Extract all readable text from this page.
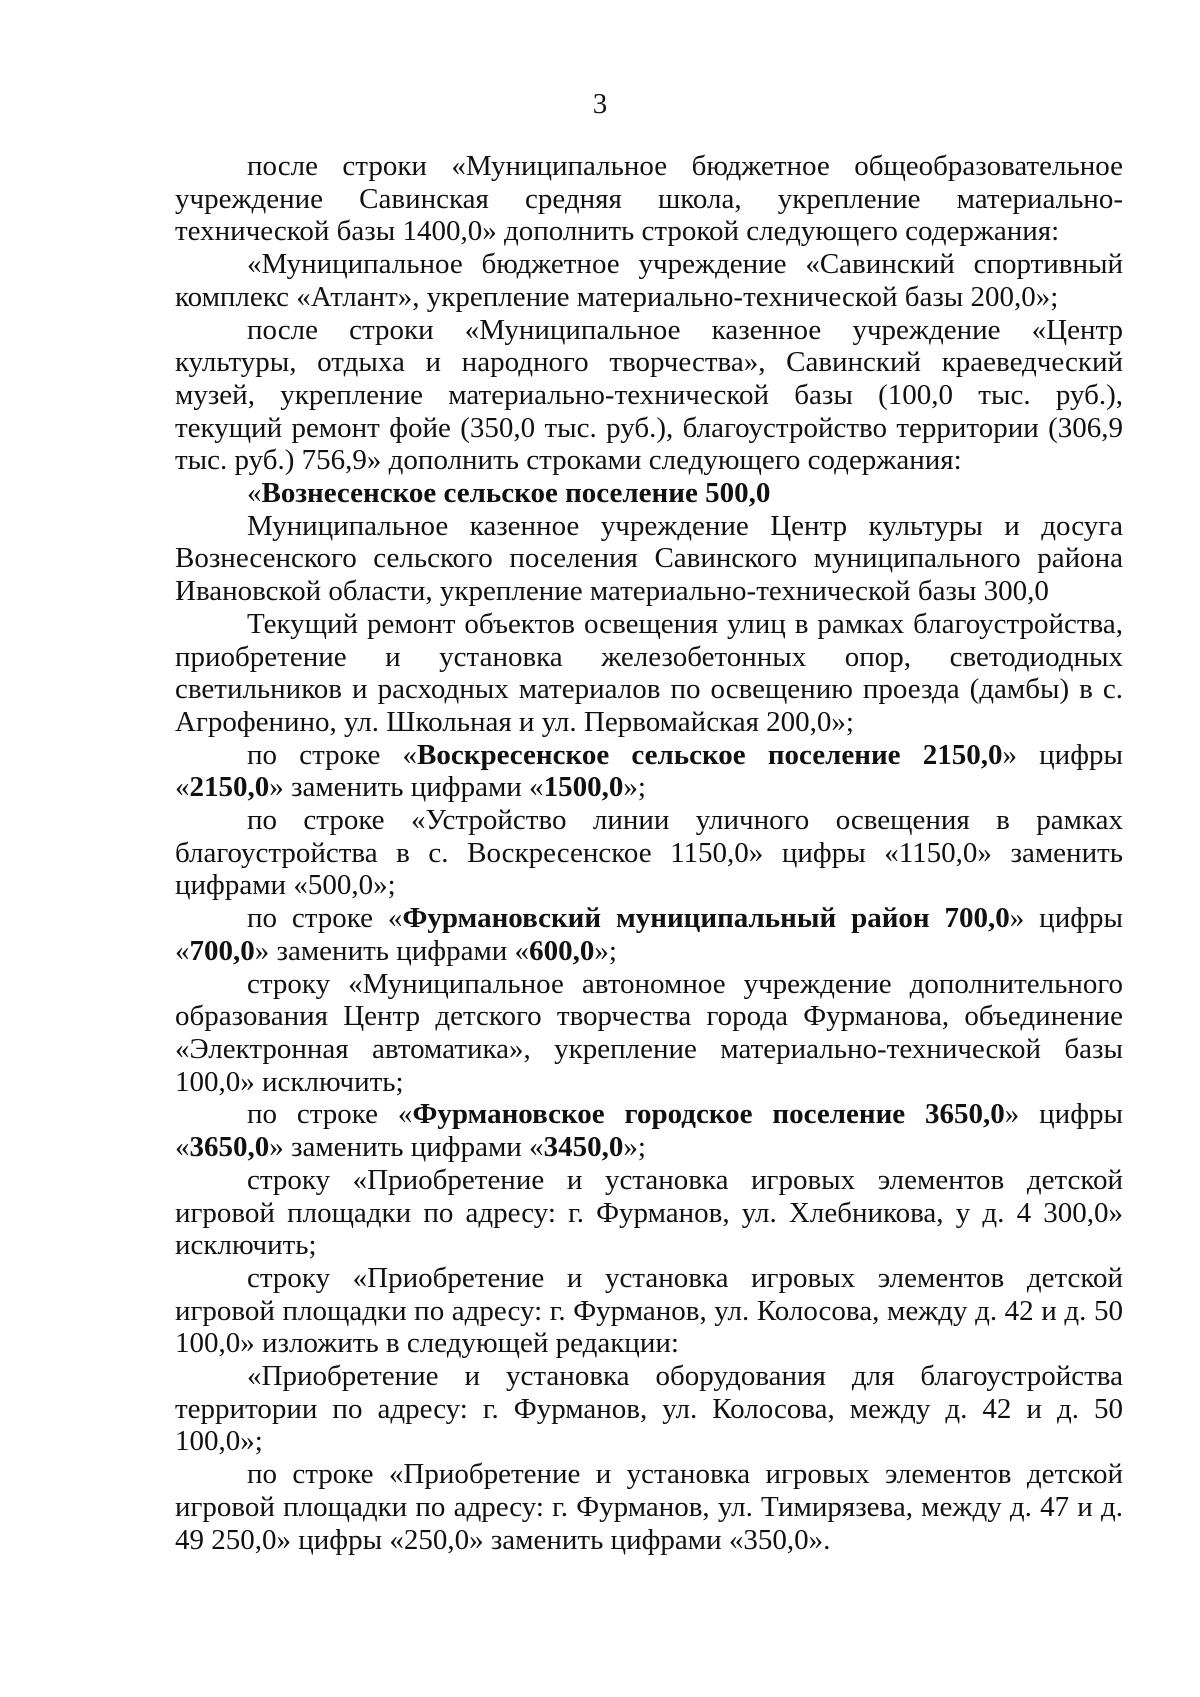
3

после строки «Муниципальное бюджетное общеобразовательное учреждение Савинская средняя школа, укрепление материально-технической базы 1400,0» дополнить строкой следующего содержания:

«Муниципальное бюджетное учреждение «Савинский спортивный комплекс «Атлант», укрепление материально-технической базы 200,0»;

после строки «Муниципальное казенное учреждение «Центр культуры, отдыха и народного творчества», Савинский краеведческий музей, укрепление материально-технической базы (100,0 тыс. руб.), текущий ремонт фойе (350,0 тыс. руб.), благоустройство территории (306,9 тыс. руб.) 756,9» дополнить строками следующего содержания:

«Вознесенское сельское поселение 500,0

Муниципальное казенное учреждение Центр культуры и досуга Вознесенского сельского поселения Савинского муниципального района Ивановской области, укрепление материально-технической базы 300,0

Текущий ремонт объектов освещения улиц в рамках благоустройства, приобретение и установка железобетонных опор, светодиодных светильников и расходных материалов по освещению проезда (дамбы) в с. Агрофенино, ул. Школьная и ул. Первомайская 200,0»;

по строке «Воскресенское сельское поселение 2150,0» цифры «2150,0» заменить цифрами «1500,0»;

по строке «Устройство линии уличного освещения в рамках благоустройства в с. Воскресенское 1150,0» цифры «1150,0» заменить цифрами «500,0»;

по строке «Фурмановский муниципальный район 700,0» цифры «700,0» заменить цифрами «600,0»;

строку «Муниципальное автономное учреждение дополнительного образования Центр детского творчества города Фурманова, объединение «Электронная автоматика», укрепление материально-технической базы 100,0» исключить;

по строке «Фурмановское городское поселение 3650,0» цифры «3650,0» заменить цифрами «3450,0»;

строку «Приобретение и установка игровых элементов детской игровой площадки по адресу: г. Фурманов, ул. Хлебникова, у д. 4 300,0» исключить;

строку «Приобретение и установка игровых элементов детской игровой площадки по адресу: г. Фурманов, ул. Колосова, между д. 42 и д. 50 100,0» изложить в следующей редакции:

«Приобретение и установка оборудования для благоустройства территории по адресу: г. Фурманов, ул. Колосова, между д. 42 и д. 50 100,0»;

по строке «Приобретение и установка игровых элементов детской игровой площадки по адресу: г. Фурманов, ул. Тимирязева, между д. 47 и д. 49 250,0» цифры «250,0» заменить цифрами «350,0».
